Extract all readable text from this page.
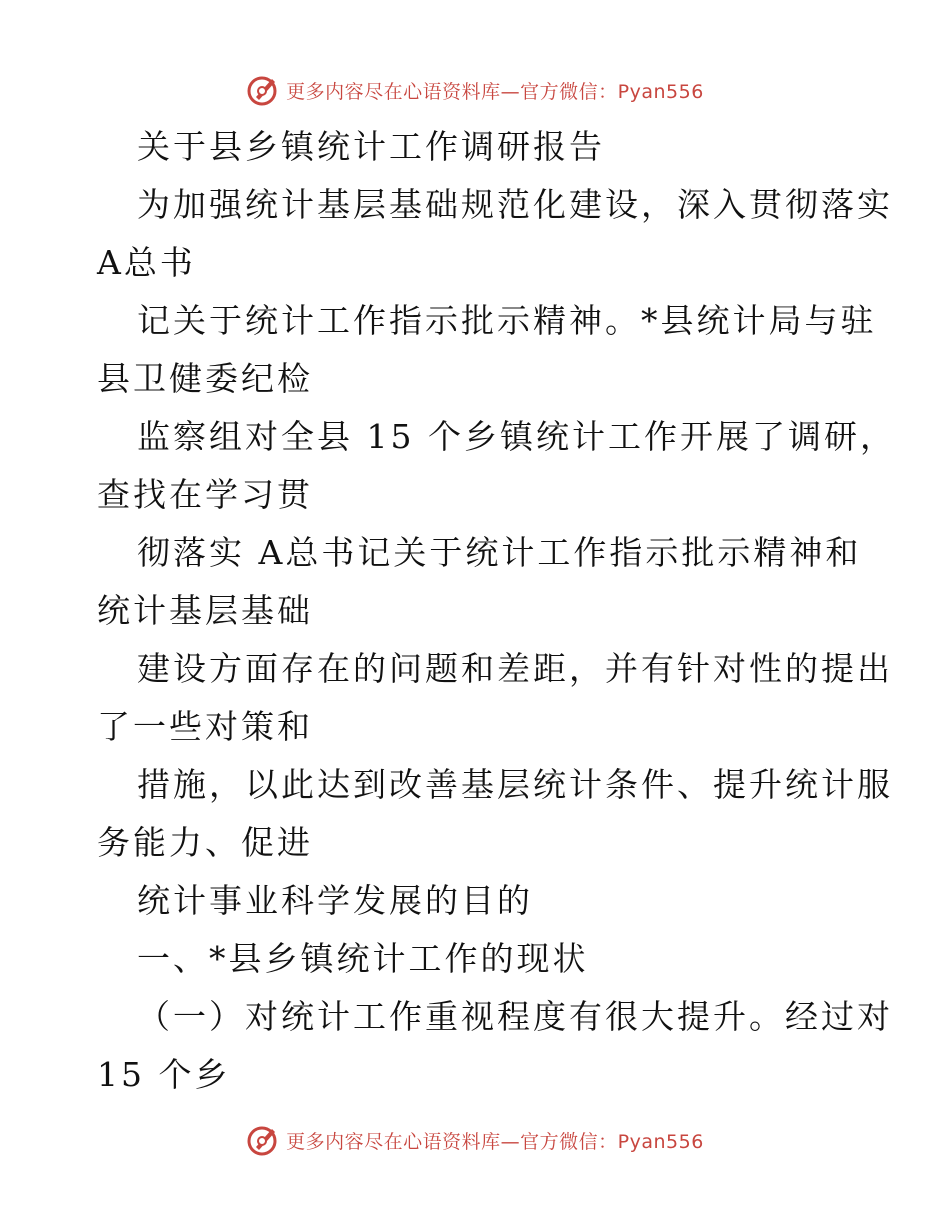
更多内容尽在心语资料库—官方微信：Pyan556

关于县乡镇统计工作调研报告

为加强统计基层基础规范化建设，深入贯彻落实

A总书

记关于统计工作指示批示精神。*县统计局与驻

县卫健委纪检

监察组对全县 15 个乡镇统计工作开展了调研，

查找在学习贯

彻落实 A总书记关于统计工作指示批示精神和

统计基层基础

建设方面存在的问题和差距，并有针对性的提出

了一些对策和

措施，以此达到改善基层统计条件、提升统计服

务能力、促进

统计事业科学发展的目的

一、*县乡镇统计工作的现状

（一）对统计工作重视程度有很大提升。经过对

15 个乡

更多内容尽在心语资料库—官方微信：Pyan556
